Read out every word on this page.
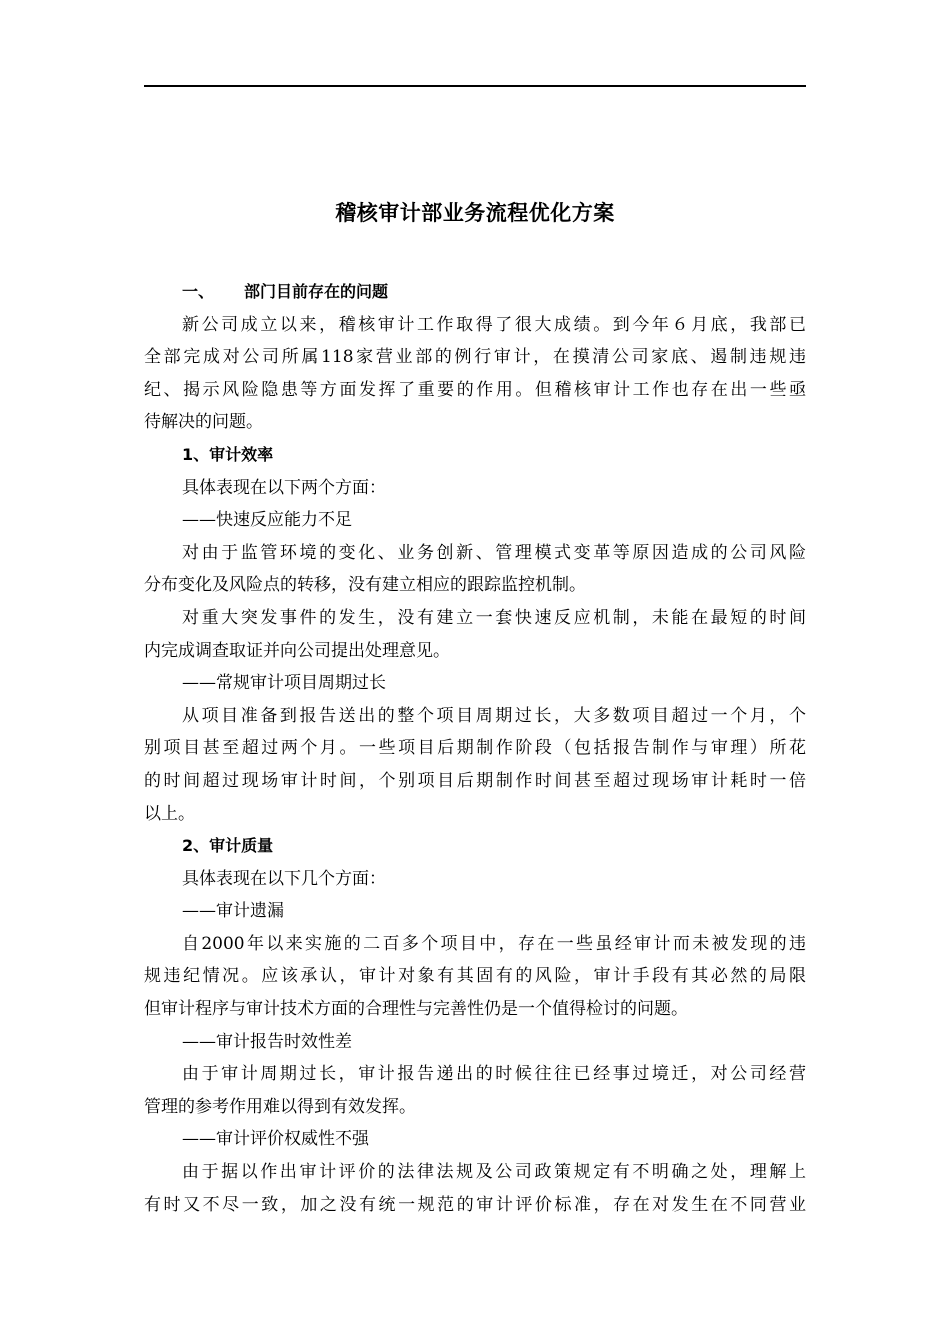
稽核审计部业务流程优化方案
一、 部门目前存在的问题
新公司成立以来，稽核审计工作取得了很大成绩。到今年６月底，我部已
全部完成对公司所属118家营业部的例行审计，在摸清公司家底、遏制违规违
纪、揭示风险隐患等方面发挥了重要的作用。但稽核审计工作也存在出一些亟
待解决的问题。
1、审计效率
具体表现在以下两个方面：
——快速反应能力不足
对由于监管环境的变化、业务创新、管理模式变革等原因造成的公司风险
分布变化及风险点的转移，没有建立相应的跟踪监控机制。
对重大突发事件的发生，没有建立一套快速反应机制，未能在最短的时间
内完成调查取证并向公司提出处理意见。
——常规审计项目周期过长
从项目准备到报告送出的整个项目周期过长，大多数项目超过一个月，个
别项目甚至超过两个月。一些项目后期制作阶段（包括报告制作与审理）所花
的时间超过现场审计时间，个别项目后期制作时间甚至超过现场审计耗时一倍
以上。
2、审计质量
具体表现在以下几个方面：
——审计遗漏
自2000年以来实施的二百多个项目中，存在一些虽经审计而未被发现的违
规违纪情况。应该承认，审计对象有其固有的风险，审计手段有其必然的局限
但审计程序与审计技术方面的合理性与完善性仍是一个值得检讨的问题。
——审计报告时效性差
由于审计周期过长，审计报告递出的时候往往已经事过境迁，对公司经营
管理的参考作用难以得到有效发挥。
——审计评价权威性不强
由于据以作出审计评价的法律法规及公司政策规定有不明确之处，理解上
有时又不尽一致，加之没有统一规范的审计评价标准，存在对发生在不同营业
